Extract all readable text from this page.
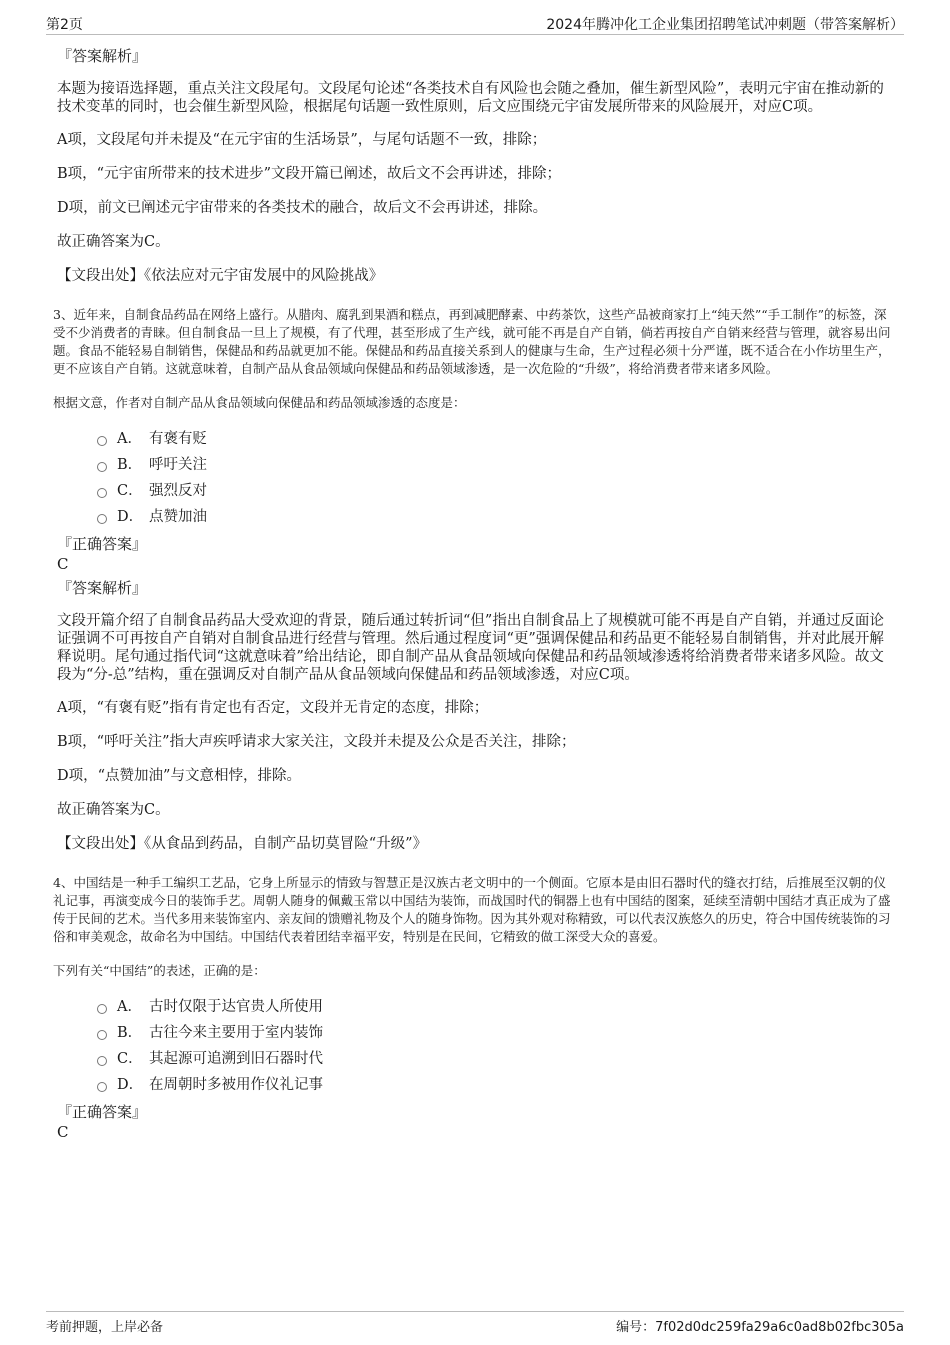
第2页	2024年腾冲化工企业集团招聘笔试冲刺题（带答案解析）

『答案解析』

本题为接语选择题，重点关注文段尾句。文段尾句论述“各类技术自有风险也会随之叠加，催生新型风险”，表明元宇宙在推动新的技术变革的同时，也会催生新型风险，根据尾句话题一致性原则，后文应围绕元宇宙发展所带来的风险展开，对应C项。

A项，文段尾句并未提及“在元宇宙的生活场景”，与尾句话题不一致，排除；

B项，“元宇宙所带来的技术进步”文段开篇已阐述，故后文不会再讲述，排除；

D项，前文已阐述元宇宙带来的各类技术的融合，故后文不会再讲述，排除。

故正确答案为C。

【文段出处】《依法应对元宇宙发展中的风险挑战》

3、近年来，自制食品药品在网络上盛行。从腊肉、腐乳到果酒和糕点，再到减肥酵素、中药茶饮，这些产品被商家打上“纯天然”“手工制作”的标签，深受不少消费者的青睐。但自制食品一旦上了规模，有了代理，甚至形成了生产线，就可能不再是自产自销，倘若再按自产自销来经营与管理，就容易出问题。食品不能轻易自制销售，保健品和药品就更加不能。保健品和药品直接关系到人的健康与生命，生产过程必须十分严谨，既不适合在小作坊里生产，更不应该自产自销。这就意味着，自制产品从食品领域向保健品和药品领域渗透，是一次危险的“升级”，将给消费者带来诸多风险。

根据文意，作者对自制产品从食品领域向保健品和药品领域渗透的态度是：

A． 有褒有贬
B． 呼吁关注
C． 强烈反对
D． 点赞加油

『正确答案』

C

『答案解析』

文段开篇介绍了自制食品药品大受欢迎的背景，随后通过转折词“但”指出自制食品上了规模就可能不再是自产自销，并通过反面论证强调不可再按自产自销对自制食品进行经营与管理。然后通过程度词“更”强调保健品和药品更不能轻易自制销售，并对此展开解释说明。尾句通过指代词“这就意味着”给出结论，即自制产品从食品领域向保健品和药品领域渗透将给消费者带来诸多风险。故文段为“分-总”结构，重在强调反对自制产品从食品领域向保健品和药品领域渗透，对应C项。

A项，“有褒有贬”指有肯定也有否定，文段并无肯定的态度，排除；

B项，“呼吁关注”指大声疾呼请求大家关注，文段并未提及公众是否关注，排除；

D项，“点赞加油”与文意相悖，排除。

故正确答案为C。

【文段出处】《从食品到药品，自制产品切莫冒险“升级”》

4、中国结是一种手工编织工艺品，它身上所显示的情致与智慧正是汉族古老文明中的一个侧面。它原本是由旧石器时代的缝衣打结，后推展至汉朝的仪礼记事，再演变成今日的装饰手艺。周朝人随身的佩戴玉常以中国结为装饰，而战国时代的铜器上也有中国结的图案，延续至清朝中国结才真正成为了盛传于民间的艺术。当代多用来装饰室内、亲友间的馈赠礼物及个人的随身饰物。因为其外观对称精致，可以代表汉族悠久的历史，符合中国传统装饰的习俗和审美观念，故命名为中国结。中国结代表着团结幸福平安，特别是在民间，它精致的做工深受大众的喜爱。

下列有关“中国结”的表述，正确的是：

A． 古时仅限于达官贵人所使用
B． 古往今来主要用于室内装饰
C． 其起源可追溯到旧石器时代
D． 在周朝时多被用作仪礼记事

『正确答案』

C

考前押题，上岸必备	编号：7f02d0dc259fa29a6c0ad8b02fbc305a
